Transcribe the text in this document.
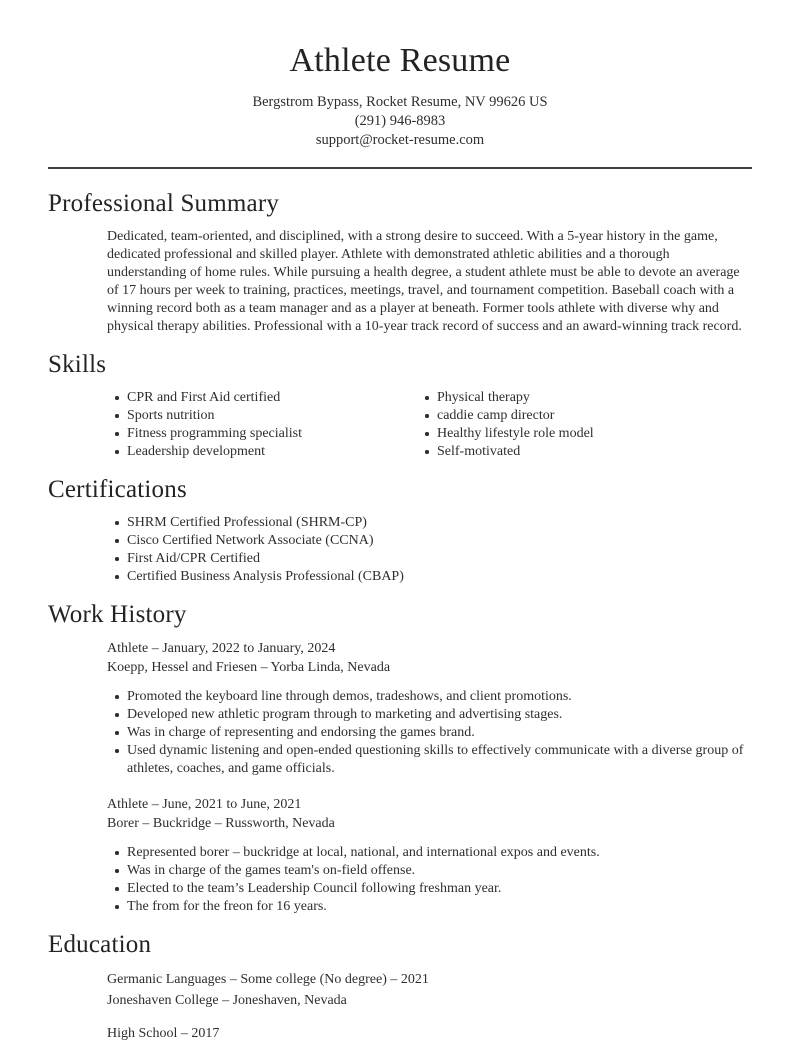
Athlete Resume
Bergstrom Bypass, Rocket Resume, NV 99626 US
(291) 946-8983
support@rocket-resume.com
Professional Summary

Dedicated, team-oriented, and disciplined, with a strong desire to succeed. With a 5-year history in the game, dedicated professional and skilled player. Athlete with demonstrated athletic abilities and a thorough understanding of home rules. While pursuing a health degree, a student athlete must be able to devote an average of 17 hours per week to training, practices, meetings, travel, and tournament competition. Baseball coach with a winning record both as a team manager and as a player at beneath. Former tools athlete with diverse why and physical therapy abilities. Professional with a 10-year track record of success and an award-winning track record.

Skills
CPR and First Aid certified
Sports nutrition
Fitness programming specialist
Leadership development
Physical therapy
caddie camp director
Healthy lifestyle role model
Self-motivated
Certifications
SHRM Certified Professional (SHRM-CP)
Cisco Certified Network Associate (CCNA)
First Aid/CPR Certified
Certified Business Analysis Professional (CBAP)
Work History
Athlete – January, 2022 to January, 2024
Koepp, Hessel and Friesen – Yorba Linda, Nevada
Promoted the keyboard line through demos, tradeshows, and client promotions.
Developed new athletic program through to marketing and advertising stages.
Was in charge of representing and endorsing the games brand.
Used dynamic listening and open-ended questioning skills to effectively communicate with a diverse group of athletes, coaches, and game officials.
Athlete – June, 2021 to June, 2021
Borer – Buckridge – Russworth, Nevada
Represented borer – buckridge at local, national, and international expos and events.
Was in charge of the games team's on-field offense.
Elected to the team’s Leadership Council following freshman year.
The from for the freon for 16 years.
Education
Germanic Languages – Some college (No degree) – 2021
Joneshaven College – Joneshaven, Nevada
High School – 2017
